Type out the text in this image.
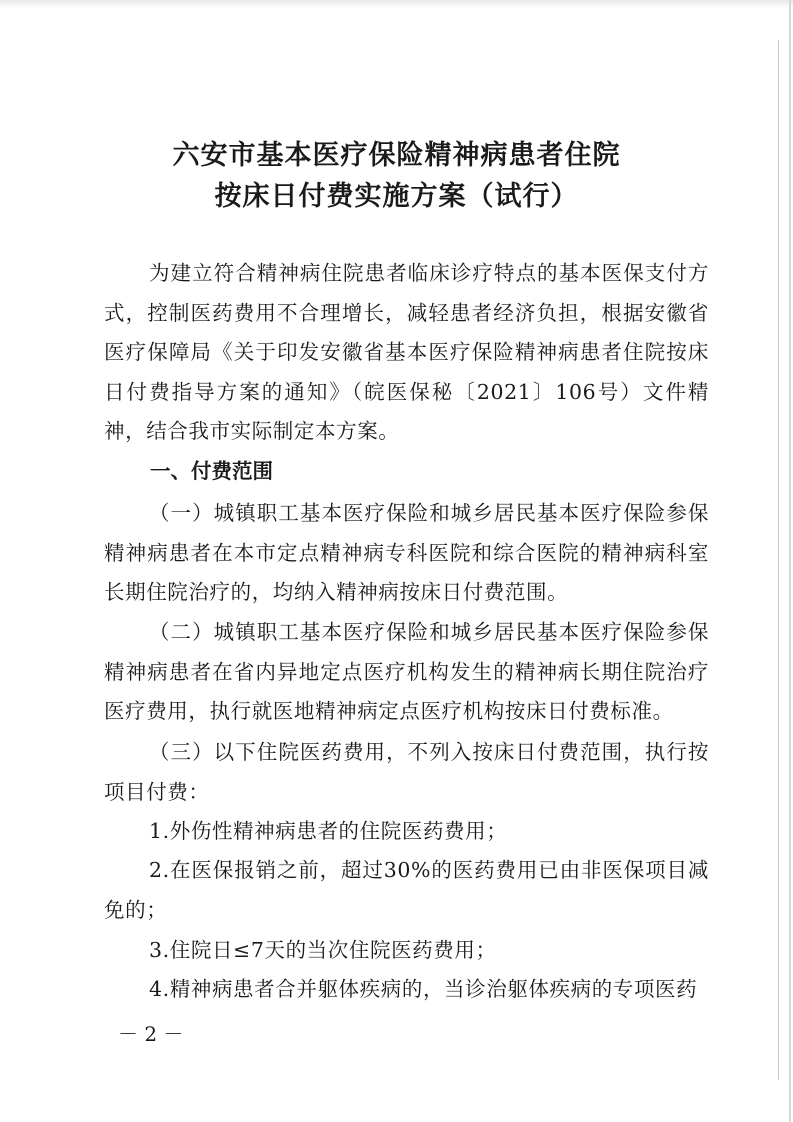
六安市基本医疗保险精神病患者住院
按床日付费实施方案（试行）
为建立符合精神病住院患者临床诊疗特点的基本医保支付方式，控制医药费用不合理增长，减轻患者经济负担，根据安徽省医疗保障局《关于印发安徽省基本医疗保险精神病患者住院按床日付费指导方案的通知》（皖医保秘〔2021〕106号）文件精神，结合我市实际制定本方案。
一、付费范围
（一）城镇职工基本医疗保险和城乡居民基本医疗保险参保精神病患者在本市定点精神病专科医院和综合医院的精神病科室长期住院治疗的，均纳入精神病按床日付费范围。
（二）城镇职工基本医疗保险和城乡居民基本医疗保险参保精神病患者在省内异地定点医疗机构发生的精神病长期住院治疗医疗费用，执行就医地精神病定点医疗机构按床日付费标准。
（三）以下住院医药费用，不列入按床日付费范围，执行按项目付费：
1.外伤性精神病患者的住院医药费用；
2.在医保报销之前，超过30%的医药费用已由非医保项目减免的；
3.住院日≤7天的当次住院医药费用；
4.精神病患者合并躯体疾病的，当诊治躯体疾病的专项医药
－ 2 －
